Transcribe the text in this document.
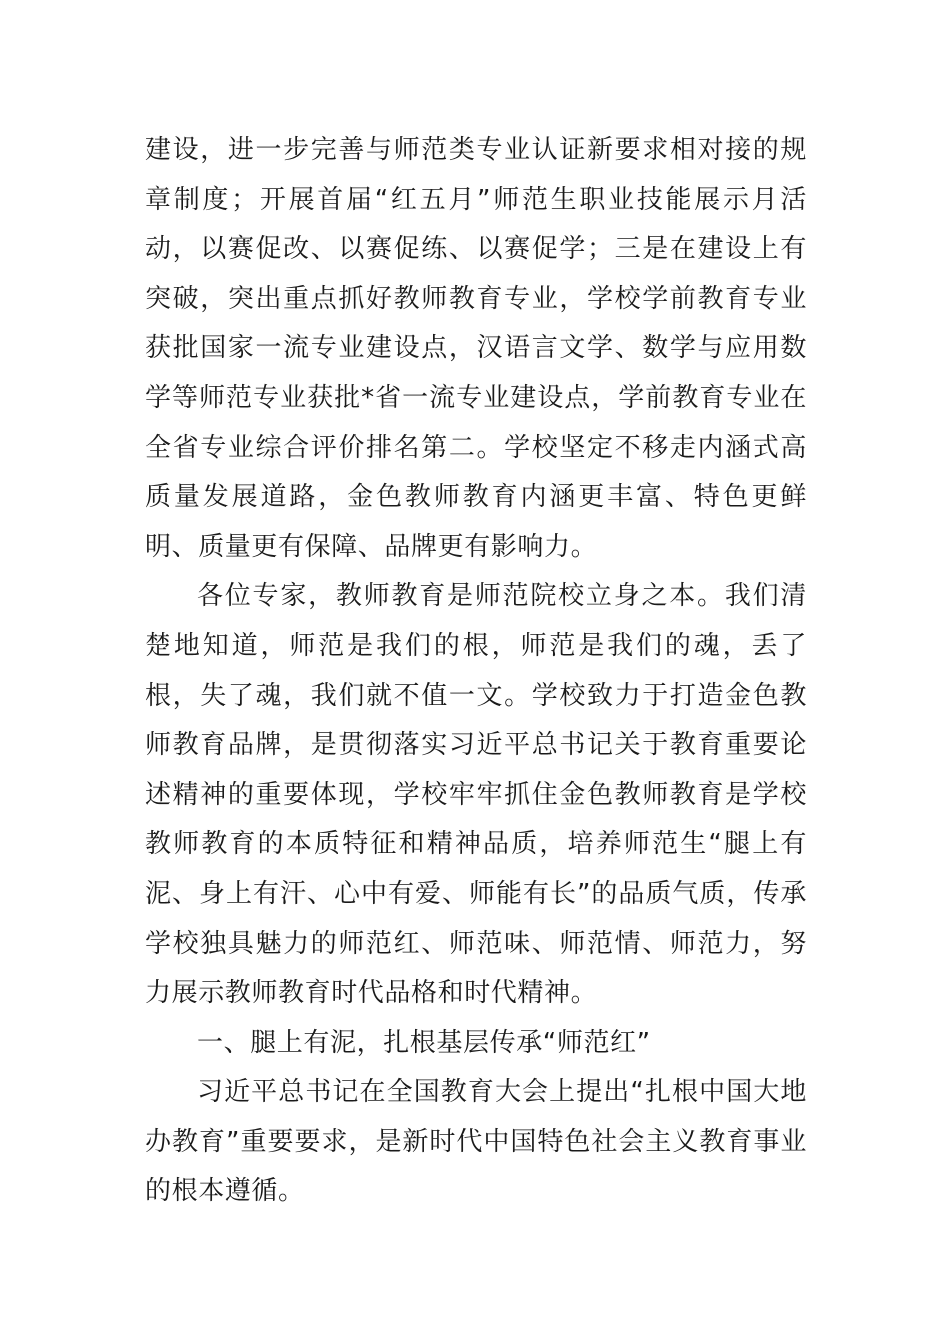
建设，进一步完善与师范类专业认证新要求相对接的规章制度；开展首届“红五月”师范生职业技能展示月活动，以赛促改、以赛促练、以赛促学；三是在建设上有突破，突出重点抓好教师教育专业，学校学前教育专业获批国家一流专业建设点，汉语言文学、数学与应用数学等师范专业获批*省一流专业建设点，学前教育专业在全省专业综合评价排名第二。学校坚定不移走内涵式高质量发展道路，金色教师教育内涵更丰富、特色更鲜明、质量更有保障、品牌更有影响力。

各位专家，教师教育是师范院校立身之本。我们清楚地知道，师范是我们的根，师范是我们的魂，丢了根，失了魂，我们就不值一文。学校致力于打造金色教师教育品牌，是贯彻落实习近平总书记关于教育重要论述精神的重要体现，学校牢牢抓住金色教师教育是学校教师教育的本质特征和精神品质，培养师范生“腿上有泥、身上有汗、心中有爱、师能有长”的品质气质，传承学校独具魅力的师范红、师范味、师范情、师范力，努力展示教师教育时代品格和时代精神。

一、腿上有泥，扎根基层传承“师范红”

习近平总书记在全国教育大会上提出“扎根中国大地办教育”重要要求，是新时代中国特色社会主义教育事业的根本遵循。
